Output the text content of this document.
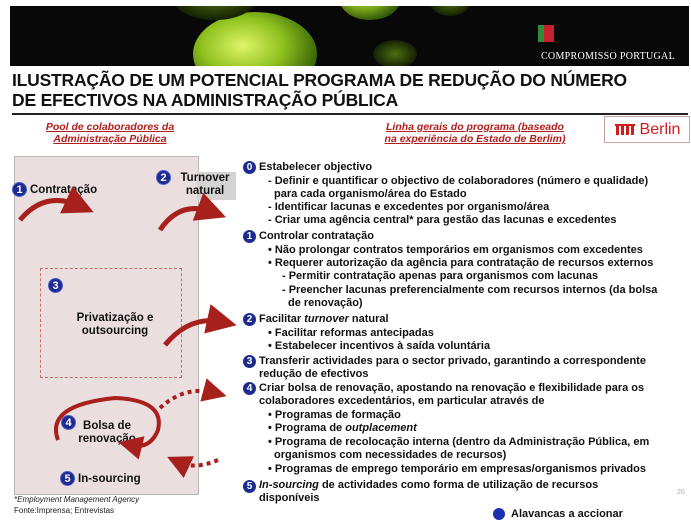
COMPROMISSO PORTUGAL
ILUSTRAÇÃO DE UM POTENCIAL PROGRAMA DE REDUÇÃO DO NÚMERO
DE EFECTIVOS NA ADMINISTRAÇÃO PÚBLICA
Pool de colaboradores da
Administração Pública
Linha gerais do programa (baseado
na experiência do Estado de Berlim)
Berlin
1 Contratação
2	Turnover
natural
3
Privatização e
outsourcing
4 Bolsa de
renovação
5 In-sourcing
*Employment Management Agency
Fonte:Imprensa; Entrevistas
0 Estabelecer objectivo
- Definir e quantificar o objectivo de colaboradores (número e qualidade)
para cada organismo/área do Estado
- Identificar lacunas e excedentes por organismo/área
- Criar uma agência central* para gestão das lacunas e excedentes
1 Controlar contratação
• Não prolongar contratos temporários em organismos com excedentes
• Requerer autorização da agência para contratação de recursos externos
- Permitir contratação apenas para organismos com lacunas
- Preencher lacunas preferencialmente com recursos internos (da bolsa
de renovação)
2 Facilitar turnover natural
• Facilitar reformas antecipadas
• Estabelecer incentivos à saída voluntária
3 Transferir actividades para o sector privado, garantindo a correspondente
redução de efectivos
4 Criar bolsa de renovação, apostando na renovação e flexibilidade para os
colaboradores excedentários, em particular através de
• Programas de formação
• Programa de outplacement
• Programa de recolocação interna (dentro da Administração Pública, em
organismos com necessidades de recursos)
• Programas de emprego temporário em empresas/organismos privados
5 In-sourcing de actividades como forma de utilização de recursos
disponíveis	20
Alavancas a accionar
